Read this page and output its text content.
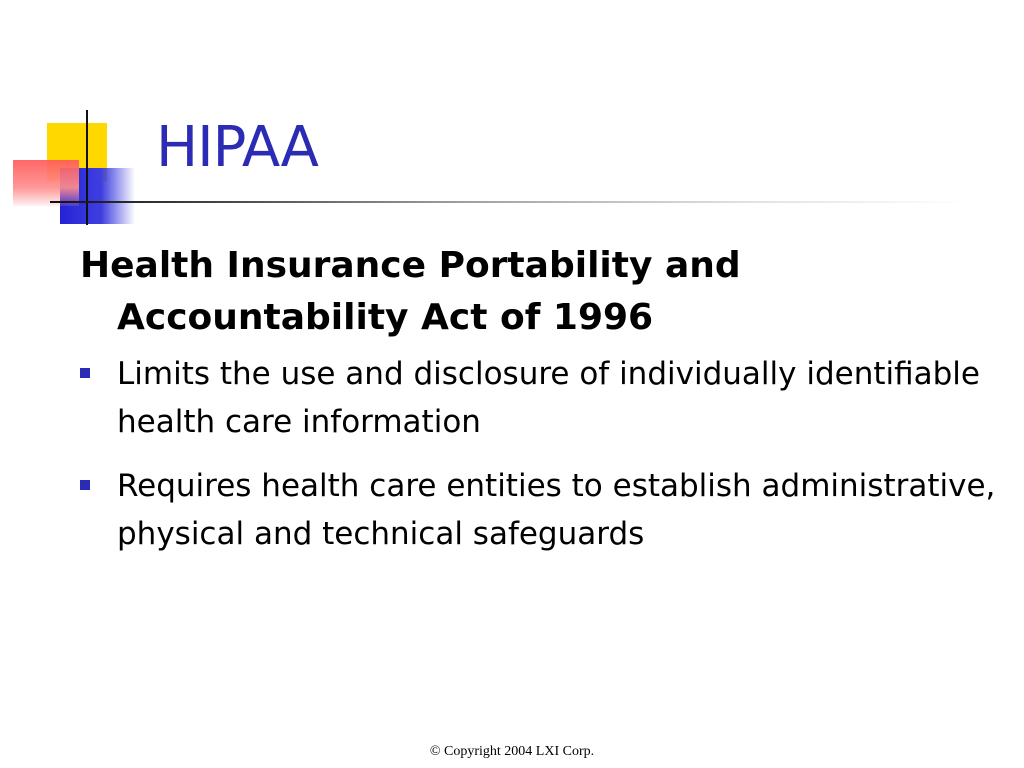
HIPAA

Health Insurance Portability and Accountability Act of 1996

Limits the use and disclosure of individually identifiable health care information
Requires health care entities to establish administrative, physical and technical safeguards
© Copyright 2004 LXI Corp.
